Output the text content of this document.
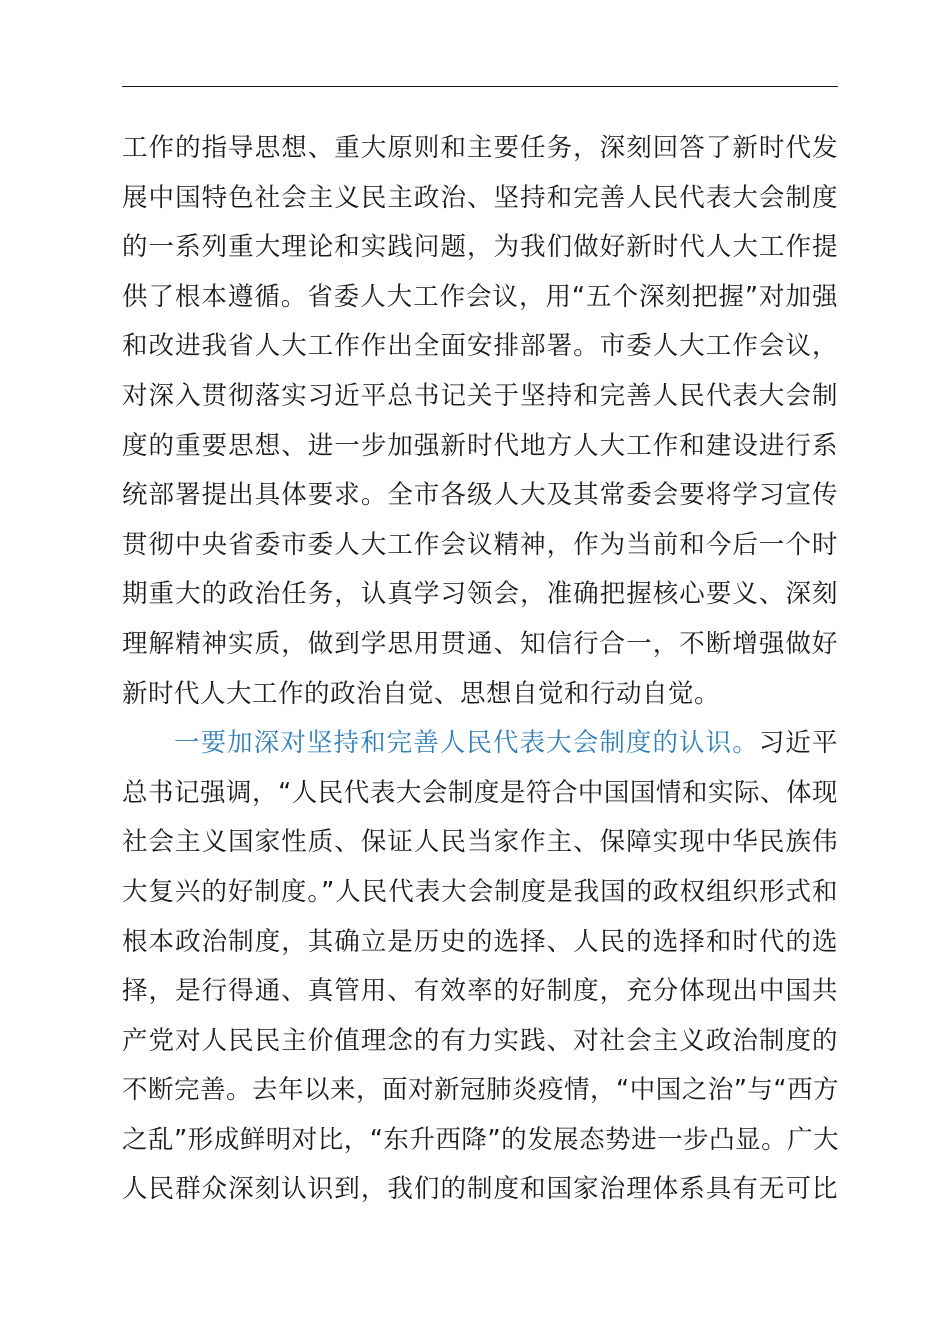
工作的指导思想、重大原则和主要任务，深刻回答了新时代发
展中国特色社会主义民主政治、坚持和完善人民代表大会制度
的一系列重大理论和实践问题，为我们做好新时代人大工作提
供了根本遵循。省委人大工作会议，用“五个深刻把握”对加强
和改进我省人大工作作出全面安排部署。市委人大工作会议，
对深入贯彻落实习近平总书记关于坚持和完善人民代表大会制
度的重要思想、进一步加强新时代地方人大工作和建设进行系
统部署提出具体要求。全市各级人大及其常委会要将学习宣传
贯彻中央省委市委人大工作会议精神，作为当前和今后一个时
期重大的政治任务，认真学习领会，准确把握核心要义、深刻
理解精神实质，做到学思用贯通、知信行合一，不断增强做好
新时代人大工作的政治自觉、思想自觉和行动自觉。
一要加深对坚持和完善人民代表大会制度的认识。习近平
总书记强调，“人民代表大会制度是符合中国国情和实际、体现
社会主义国家性质、保证人民当家作主、保障实现中华民族伟
大复兴的好制度。”人民代表大会制度是我国的政权组织形式和
根本政治制度，其确立是历史的选择、人民的选择和时代的选
择，是行得通、真管用、有效率的好制度，充分体现出中国共
产党对人民民主价值理念的有力实践、对社会主义政治制度的
不断完善。去年以来，面对新冠肺炎疫情，“中国之治”与“西方
之乱”形成鲜明对比，“东升西降”的发展态势进一步凸显。广大
人民群众深刻认识到，我们的制度和国家治理体系具有无可比
